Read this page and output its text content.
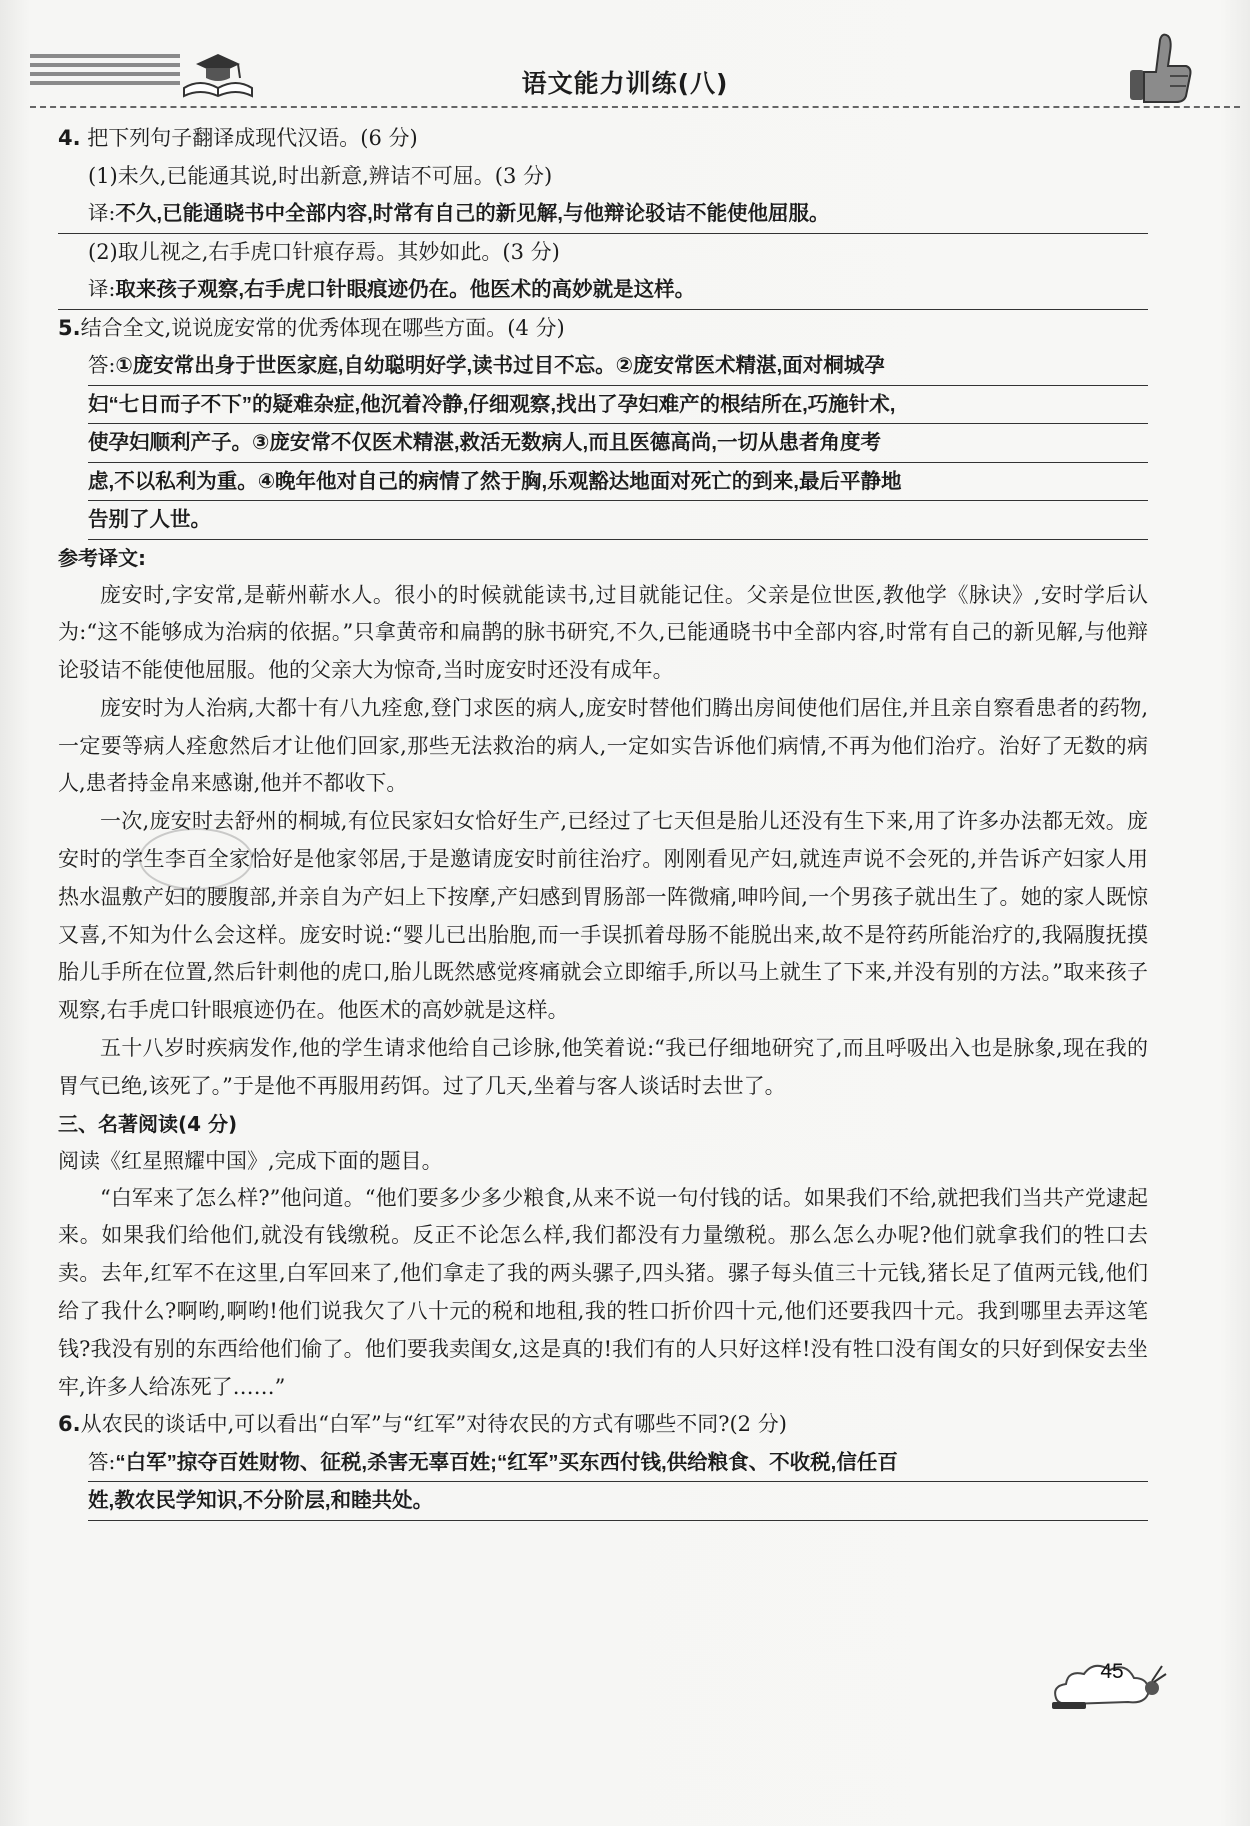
语文能力训练(八)
4. 把下列句子翻译成现代汉语。(6 分)
(1)未久,已能通其说,时出新意,辨诘不可屈。(3 分)
译:不久,已能通晓书中全部内容,时常有自己的新见解,与他辩论驳诘不能使他屈服。
(2)取儿视之,右手虎口针痕存焉。其妙如此。(3 分)
译:取来孩子观察,右手虎口针眼痕迹仍在。他医术的高妙就是这样。
5.结合全文,说说庞安常的优秀体现在哪些方面。(4 分)
答:①庞安常出身于世医家庭,自幼聪明好学,读书过目不忘。②庞安常医术精湛,面对桐城孕
妇“七日而子不下”的疑难杂症,他沉着冷静,仔细观察,找出了孕妇难产的根结所在,巧施针术,
使孕妇顺利产子。③庞安常不仅医术精湛,救活无数病人,而且医德高尚,一切从患者角度考
虑,不以私利为重。④晚年他对自己的病情了然于胸,乐观豁达地面对死亡的到来,最后平静地
告别了人世。
参考译文:

庞安时,字安常,是蕲州蕲水人。很小的时候就能读书,过目就能记住。父亲是位世医,教他学《脉诀》,安时学后认为:“这不能够成为治病的依据。”只拿黄帝和扁鹊的脉书研究,不久,已能通晓书中全部内容,时常有自己的新见解,与他辩论驳诘不能使他屈服。他的父亲大为惊奇,当时庞安时还没有成年。

庞安时为人治病,大都十有八九痊愈,登门求医的病人,庞安时替他们腾出房间使他们居住,并且亲自察看患者的药物,一定要等病人痊愈然后才让他们回家,那些无法救治的病人,一定如实告诉他们病情,不再为他们治疗。治好了无数的病人,患者持金帛来感谢,他并不都收下。

一次,庞安时去舒州的桐城,有位民家妇女恰好生产,已经过了七天但是胎儿还没有生下来,用了许多办法都无效。庞安时的学生李百全家恰好是他家邻居,于是邀请庞安时前往治疗。刚刚看见产妇,就连声说不会死的,并告诉产妇家人用热水温敷产妇的腰腹部,并亲自为产妇上下按摩,产妇感到胃肠部一阵微痛,呻吟间,一个男孩子就出生了。她的家人既惊又喜,不知为什么会这样。庞安时说:“婴儿已出胎胞,而一手误抓着母肠不能脱出来,故不是符药所能治疗的,我隔腹抚摸胎儿手所在位置,然后针刺他的虎口,胎儿既然感觉疼痛就会立即缩手,所以马上就生了下来,并没有别的方法。”取来孩子观察,右手虎口针眼痕迹仍在。他医术的高妙就是这样。

五十八岁时疾病发作,他的学生请求他给自己诊脉,他笑着说:“我已仔细地研究了,而且呼吸出入也是脉象,现在我的胃气已绝,该死了。”于是他不再服用药饵。过了几天,坐着与客人谈话时去世了。

三、名著阅读(4 分)
阅读《红星照耀中国》,完成下面的题目。

“白军来了怎么样?”他问道。“他们要多少多少粮食,从来不说一句付钱的话。如果我们不给,就把我们当共产党逮起来。如果我们给他们,就没有钱缴税。反正不论怎么样,我们都没有力量缴税。那么怎么办呢?他们就拿我们的牲口去卖。去年,红军不在这里,白军回来了,他们拿走了我的两头骡子,四头猪。骡子每头值三十元钱,猪长足了值两元钱,他们给了我什么?啊哟,啊哟!他们说我欠了八十元的税和地租,我的牲口折价四十元,他们还要我四十元。我到哪里去弄这笔钱?我没有别的东西给他们偷了。他们要我卖闺女,这是真的!我们有的人只好这样!没有牲口没有闺女的只好到保安去坐牢,许多人给冻死了……”

6.从农民的谈话中,可以看出“白军”与“红军”对待农民的方式有哪些不同?(2 分)
答:“白军”掠夺百姓财物、征税,杀害无辜百姓;“红军”买东西付钱,供给粮食、不收税,信任百
姓,教农民学知识,不分阶层,和睦共处。
45
